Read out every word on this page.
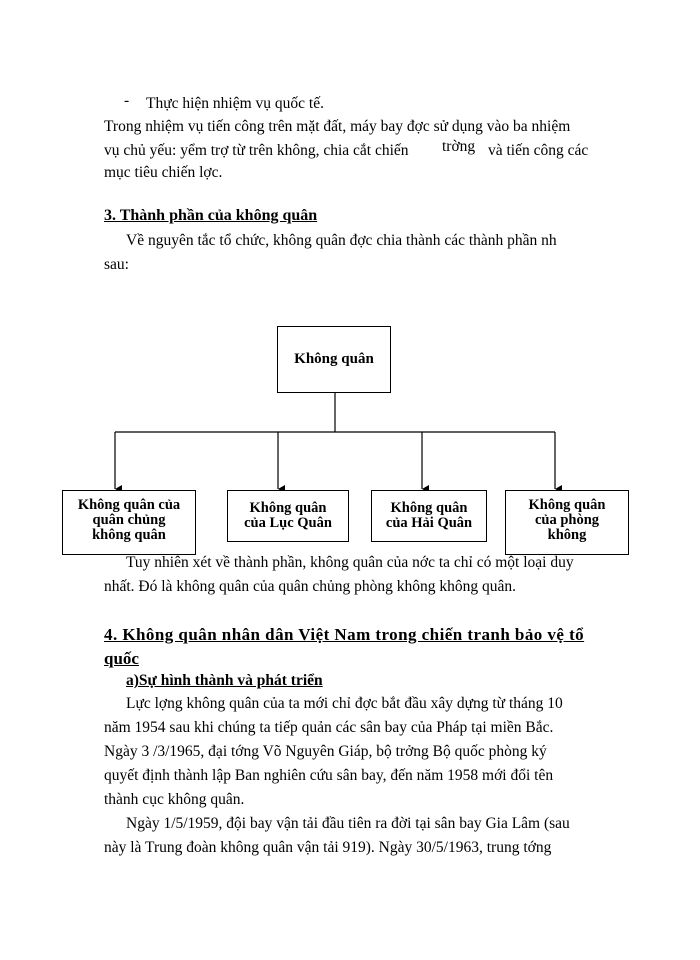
- Thực hiện nhiệm vụ quốc tế.
Trong nhiệm vụ tiến công trên mặt đất, máy bay đợc sử dụng vào ba nhiệm
vụ chủ yếu: yểm trợ từ trên không, chia cắt chiến trờng và tiến công các
mục tiêu chiến lợc.
3. Thành phần của không quân
Về nguyên tắc tổ chức, không quân đợc chia thành các thành phần nh
sau:
Không quân
Không quân của
quân chủng
không quân
Không quân
của Lục Quân
Không quân
của Hải Quân
Không quân
của phòng
không
Tuy nhiên xét về thành phần, không quân của nớc ta chỉ có một loại duy
nhất. Đó là không quân của quân chủng phòng không không quân.
4. Không quân nhân dân Việt Nam trong chiến tranh bảo vệ tổ
quốc
a)Sự hình thành và phát triển
Lực lợng không quân của ta mới chỉ đợc bắt đầu xây dựng từ tháng 10
năm 1954 sau khi chúng ta tiếp quản các sân bay của Pháp tại miền Bắc.
Ngày 3 /3/1965, đại tớng Võ Nguyên Giáp, bộ trởng Bộ quốc phòng ký
quyết định thành lập Ban nghiên cứu sân bay, đến năm 1958 mới đổi tên
thành cục không quân.
Ngày 1/5/1959, đội bay vận tải đầu tiên ra đời tại sân bay Gia Lâm (sau
này là Trung đoàn không quân vận tải 919). Ngày 30/5/1963, trung tớng
